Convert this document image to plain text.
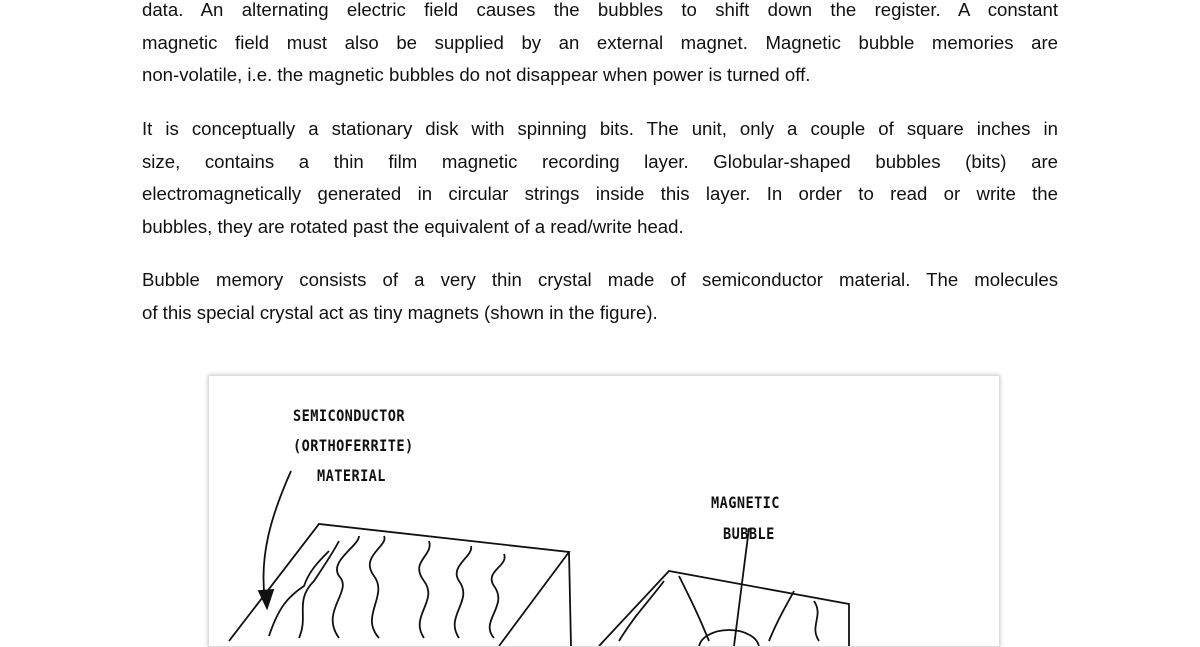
data. An alternating electric field causes the bubbles to shift down the register. A constant
magnetic field must also be supplied by an external magnet. Magnetic bubble memories are
non-volatile, i.e. the magnetic bubbles do not disappear when power is turned off.
It is conceptually a stationary disk with spinning bits. The unit, only a couple of square inches in
size, contains a thin film magnetic recording layer. Globular-shaped bubbles (bits) are
electromagnetically generated in circular strings inside this layer. In order to read or write the
bubbles, they are rotated past the equivalent of a read/write head.
Bubble memory consists of a very thin crystal made of semiconductor material. The molecules
of this special crystal act as tiny magnets (shown in the figure).
SEMICONDUCTOR
(ORTHOFERRITE)
MATERIAL
MAGNETIC
BUBBLE
